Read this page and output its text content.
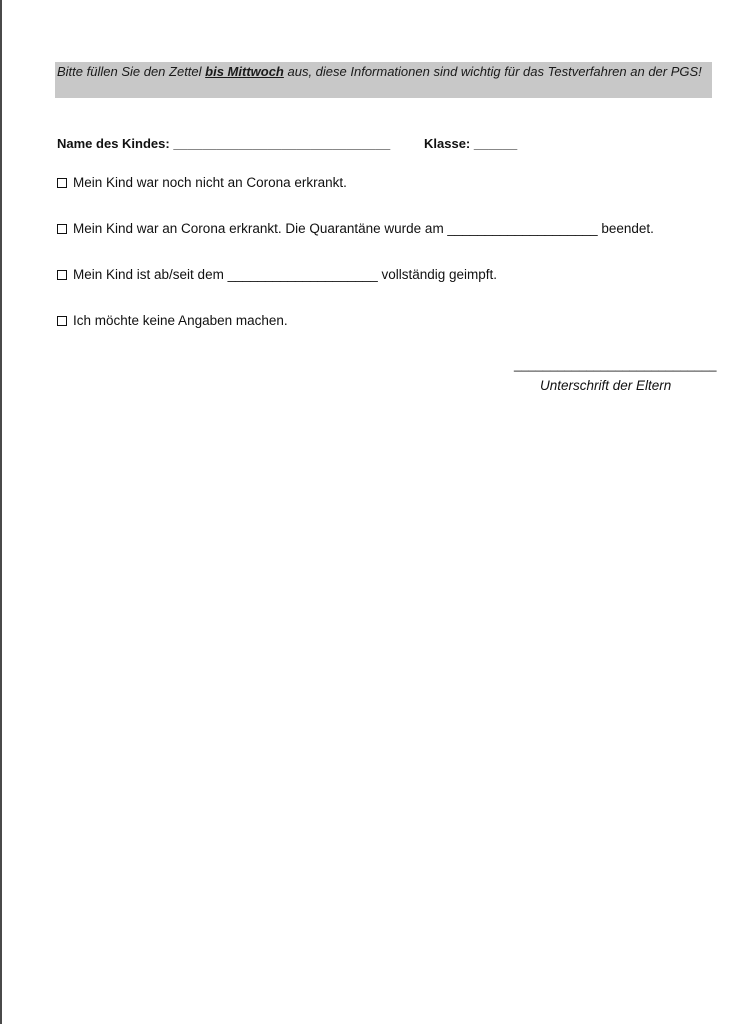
Bitte füllen Sie den Zettel bis Mittwoch aus, diese Informationen sind wichtig für das Testverfahren an der PGS!
Name des Kindes: ______________________________	Klasse: ______
Mein Kind war noch nicht an Corona erkrankt.
Mein Kind war an Corona erkrankt. Die Quarantäne wurde am ____________________ beendet.
Mein Kind ist ab/seit dem ____________________ vollständig geimpft.
Ich möchte keine Angaben machen.
____________________________
Unterschrift der Eltern
